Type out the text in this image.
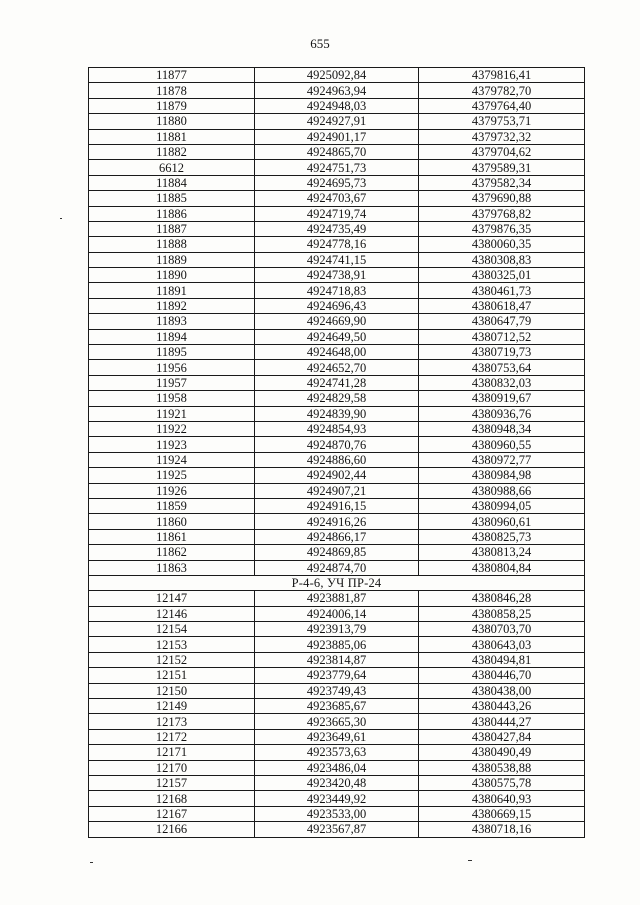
655
11877	4925092,84	4379816,41
11878	4924963,94	4379782,70
11879	4924948,03	4379764,40
11880	4924927,91	4379753,71
11881	4924901,17	4379732,32
11882	4924865,70	4379704,62
6612	4924751,73	4379589,31
11884	4924695,73	4379582,34
11885	4924703,67	4379690,88
11886	4924719,74	4379768,82
11887	4924735,49	4379876,35
11888	4924778,16	4380060,35
11889	4924741,15	4380308,83
11890	4924738,91	4380325,01
11891	4924718,83	4380461,73
11892	4924696,43	4380618,47
11893	4924669,90	4380647,79
11894	4924649,50	4380712,52
11895	4924648,00	4380719,73
11956	4924652,70	4380753,64
11957	4924741,28	4380832,03
11958	4924829,58	4380919,67
11921	4924839,90	4380936,76
11922	4924854,93	4380948,34
11923	4924870,76	4380960,55
11924	4924886,60	4380972,77
11925	4924902,44	4380984,98
11926	4924907,21	4380988,66
11859	4924916,15	4380994,05
11860	4924916,26	4380960,61
11861	4924866,17	4380825,73
11862	4924869,85	4380813,24
11863	4924874,70	4380804,84
Р-4-6, УЧ ПР-24		
12147	4923881,87	4380846,28
12146	4924006,14	4380858,25
12154	4923913,79	4380703,70
12153	4923885,06	4380643,03
12152	4923814,87	4380494,81
12151	4923779,64	4380446,70
12150	4923749,43	4380438,00
12149	4923685,67	4380443,26
12173	4923665,30	4380444,27
12172	4923649,61	4380427,84
12171	4923573,63	4380490,49
12170	4923486,04	4380538,88
12157	4923420,48	4380575,78
12168	4923449,92	4380640,93
12167	4923533,00	4380669,15
12166	4923567,87	4380718,16
